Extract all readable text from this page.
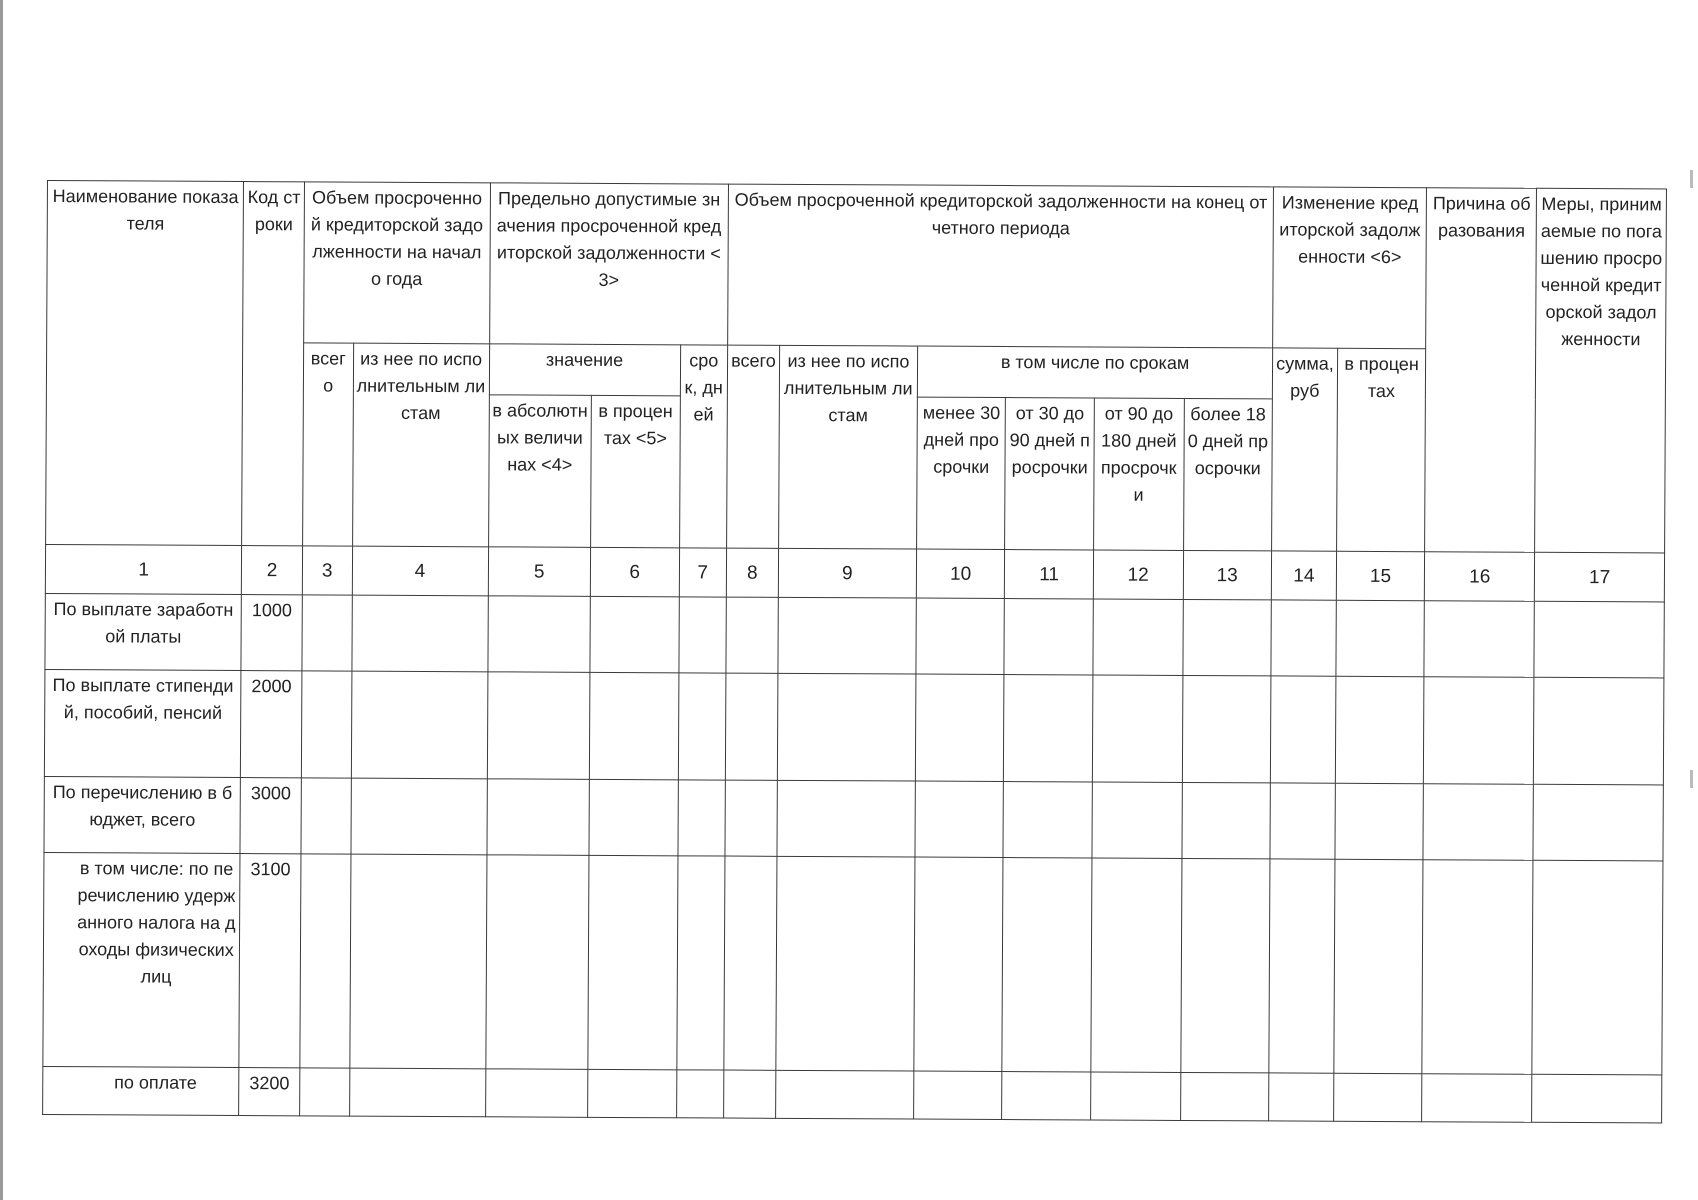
Наименование показателя	Код строки	Объем просроченной кредиторской задолженности на начало года		Предельно допустимые значения просроченной кредиторской задолженности <3>			Объем просроченной кредиторской задолженности на конец отчетного периода						Изменение кредиторской задолженности <6>		Причина образования	Меры, принимаемые по погашению просроченной кредиторской задолженности
		всего	из нее по исполнительным листам	значение		срок, дней	всего	из нее по исполнительным листам	в том числе по срокам				сумма, руб	в процентах		
				в абсолютных величинах <4>	в процентах <5>				менее 30 дней просрочки	от 30 до 90 дней просрочки	от 90 до 180 дней просрочки	более 180 дней просрочки				
1	2	3	4	5	6	7	8	9	10	11	12	13	14	15	16	17
По выплате заработной платы	1000															
По выплате стипендий, пособий, пенсий	2000															
По перечислению в бюджет, всего	3000															
в том числе: по перечислению удержанного налога на доходы физических лиц	3100															
по оплате	3200															
